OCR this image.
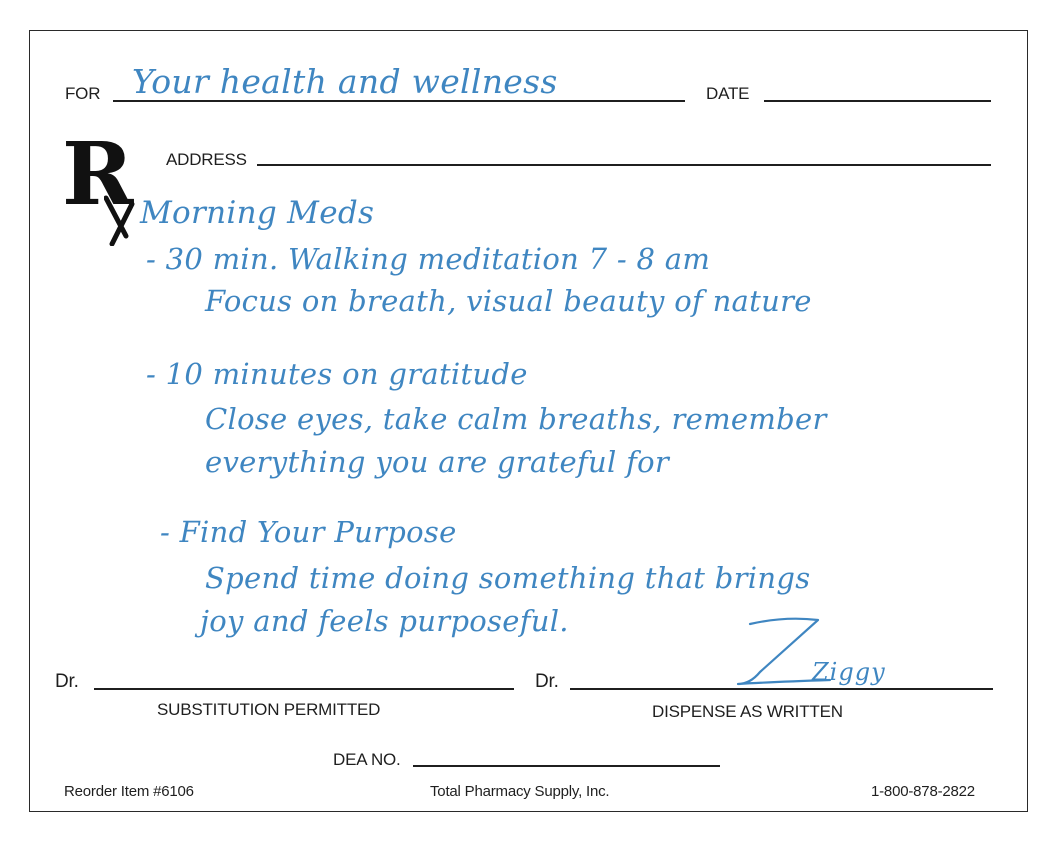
FOR Your health and wellness	DATE
R ADDRESS
Morning Meds
- 30 min. Walking meditation 7 - 8 am
Focus on breath, visual beauty of nature
- 10 minutes on gratitude
Close eyes, take calm breaths, remember
everything you are grateful for
- Find Your Purpose
Spend time doing something that brings
joy and feels purposeful.
Dr.
SUBSTITUTION PERMITTED
Dr.
DISPENSE AS WRITTEN
Ziggy
DEA NO.
Reorder Item #6106	Total Pharmacy Supply, Inc.	1-800-878-2822
